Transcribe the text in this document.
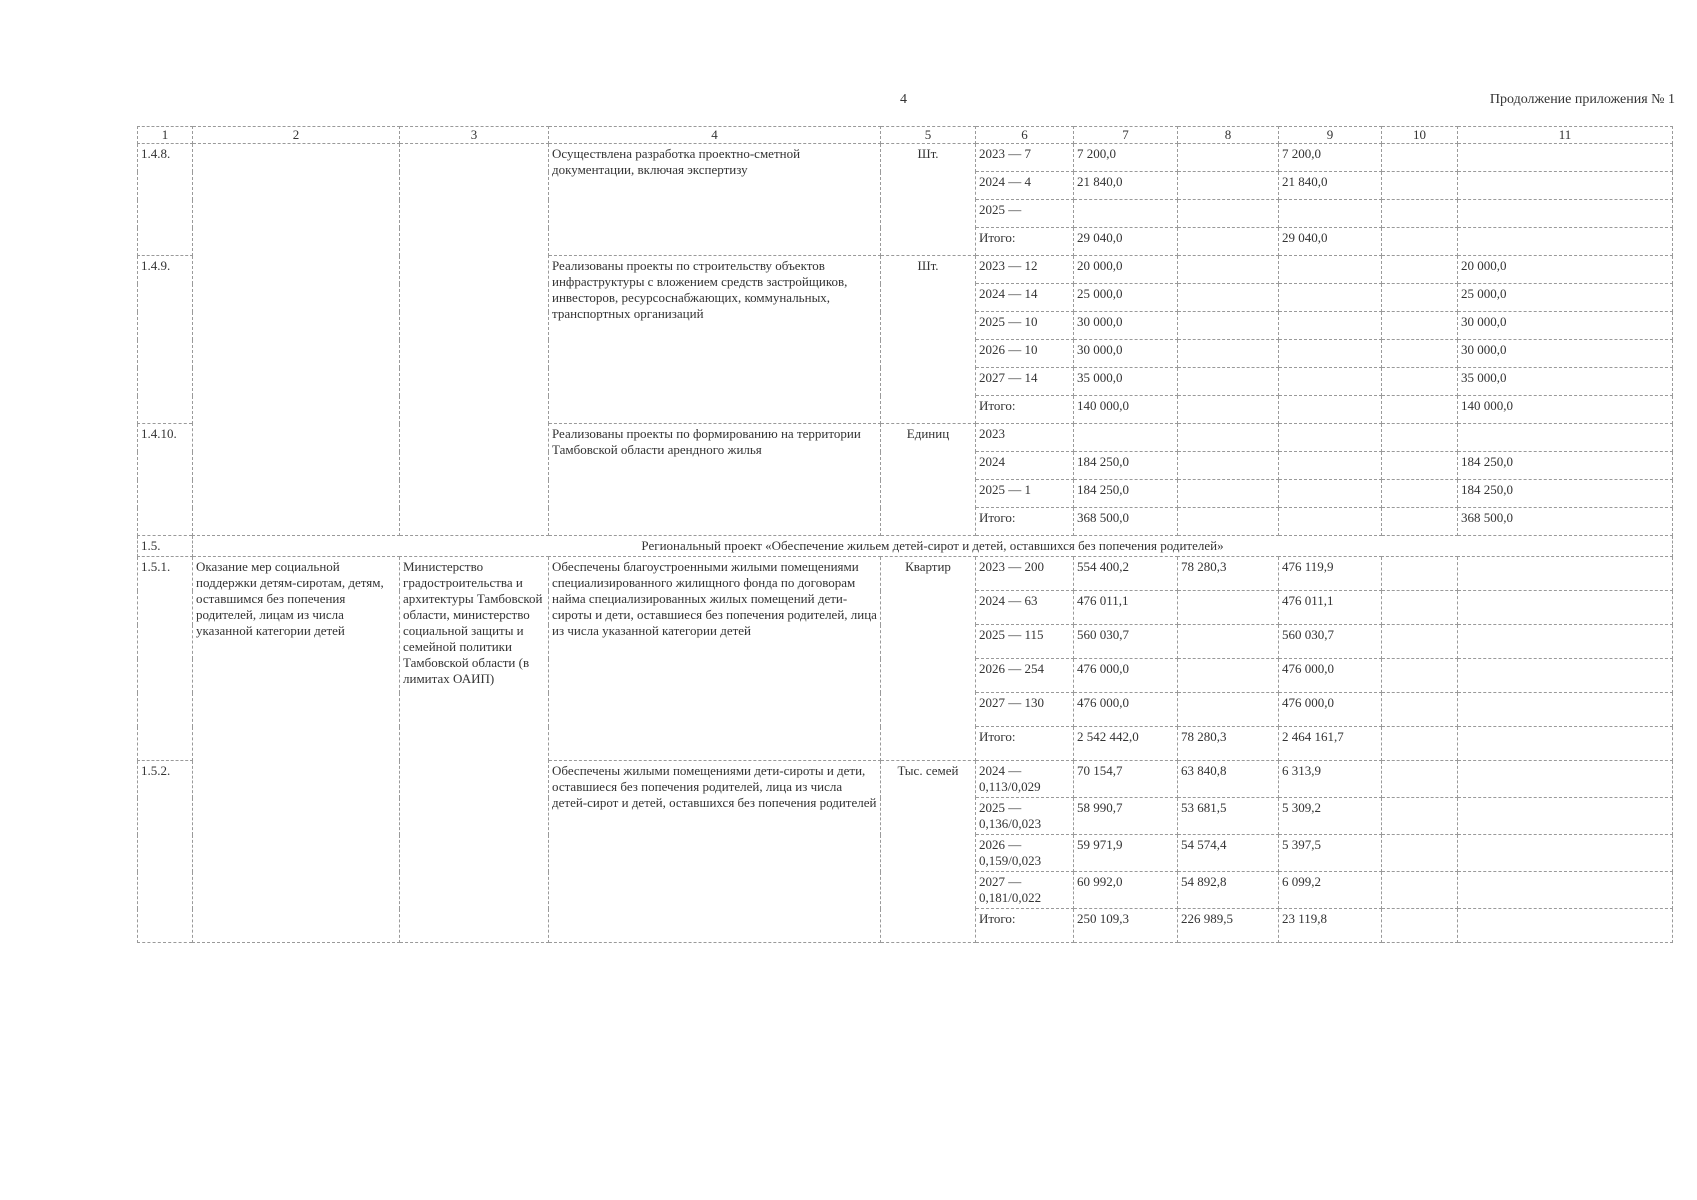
4	Продолжение приложения № 1
1	2	3	4	5	6	7	8	9	10	11
1.4.8.			Осуществлена разработка проектно-сметной документации, включая экспертизу	Шт.	2023 — 7	7 200,0		7 200,0		
					2024 — 4	21 840,0		21 840,0		
					2025 —					
					Итого:	29 040,0		29 040,0		
1.4.9.			Реализованы проекты по строительству объектов инфраструктуры с вложением средств застройщиков, инвесторов, ресурсоснабжающих, коммунальных, транспортных организаций	Шт.	2023 — 12	20 000,0				20 000,0
					2024 — 14	25 000,0				25 000,0
					2025 — 10	30 000,0				30 000,0
					2026 — 10	30 000,0				30 000,0
					2027 — 14	35 000,0				35 000,0
					Итого:	140 000,0				140 000,0
1.4.10.			Реализованы проекты по формированию на территории Тамбовской области арендного жилья	Единиц	2023					
					2024	184 250,0				184 250,0
					2025 — 1	184 250,0				184 250,0
					Итого:	368 500,0				368 500,0
1.5.	Региональный проект «Обеспечение жильем детей-сирот и детей, оставшихся без попечения родителей»									
1.5.1.	Оказание мер социальной поддержки детям-сиротам, детям, оставшимся без попечения родителей, лицам из числа указанной категории детей	Министерство градостроительства и архитектуры Тамбовской области, министерство социальной защиты и семейной политики Тамбовской области (в лимитах ОАИП)	Обеспечены благоустроенными жилыми помещениями специализированного жилищного фонда по договорам найма специализированных жилых помещений дети-сироты и дети, оставшиеся без попечения родителей, лица из числа указанной категории детей	Квартир	2023 — 200	554 400,2	78 280,3	476 119,9		
					2024 — 63	476 011,1		476 011,1		
					2025 — 115	560 030,7		560 030,7		
					2026 — 254	476 000,0		476 000,0		
					2027 — 130	476 000,0		476 000,0		
					Итого:	2 542 442,0	78 280,3	2 464 161,7		
1.5.2.			Обеспечены жилыми помещениями дети-сироты и дети, оставшиеся без попечения родителей, лица из числа детей-сирот и детей, оставшихся без попечения родителей	Тыс. семей	2024 — 0,113/0,029	70 154,7	63 840,8	6 313,9		
					2025 — 0,136/0,023	58 990,7	53 681,5	5 309,2		
					2026 — 0,159/0,023	59 971,9	54 574,4	5 397,5		
					2027 — 0,181/0,022	60 992,0	54 892,8	6 099,2		
					Итого:	250 109,3	226 989,5	23 119,8		
